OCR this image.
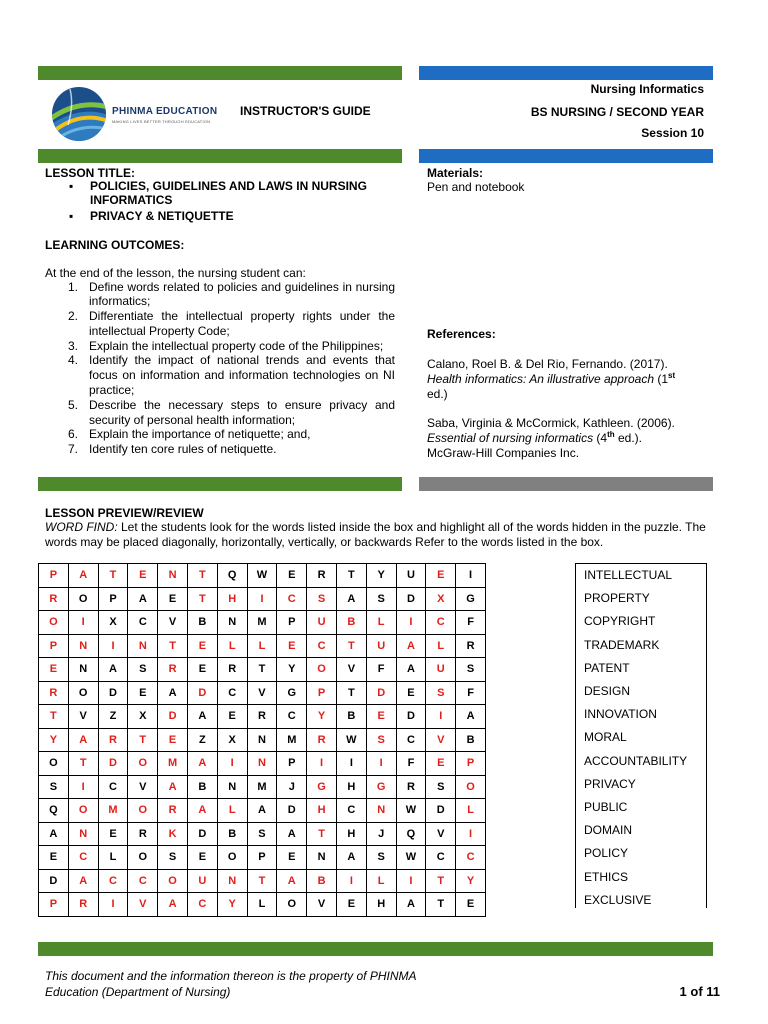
PHINMA EDUCATION
MAKING LIVES BETTER THROUGH EDUCATION
INSTRUCTOR'S GUIDE
Nursing Informatics
BS NURSING / SECOND YEAR
Session 10
LESSON TITLE:
▪ POLICIES, GUIDELINES AND LAWS IN NURSING INFORMATICS
▪ PRIVACY & NETIQUETTE
LEARNING OUTCOMES:
At the end of the lesson, the nursing student can:
1. Define words related to policies and guidelines in nursing informatics;
2. Differentiate the intellectual property rights under the intellectual Property Code;
3. Explain the intellectual property code of the Philippines;
4. Identify the impact of national trends and events that focus on information and information technologies on NI practice;
5. Describe the necessary steps to ensure privacy and security of personal health information;
6. Explain the importance of netiquette; and,
7. Identify ten core rules of netiquette.
Materials:
Pen and notebook
References:
Calano, Roel B. & Del Rio, Fernando. (2017).
Health informatics: An illustrative approach (1st
ed.)
Saba, Virginia & McCormick, Kathleen. (2006).
Essential of nursing informatics (4th ed.).
McGraw-Hill Companies Inc.
LESSON PREVIEW/REVIEW
WORD FIND: Let the students look for the words listed inside the box and highlight all of the words hidden in the puzzle. The words may be placed diagonally, horizontally, vertically, or backwards Refer to the words listed in the box.
P	A	T	E	N	T	Q	W	E	R	T	Y	U	E	I
R	O	P	A	E	T	H	I	C	S	A	S	D	X	G
O	I	X	C	V	B	N	M	P	U	B	L	I	C	F
P	N	I	N	T	E	L	L	E	C	T	U	A	L	R
E	N	A	S	R	E	R	T	Y	O	V	F	A	U	S
R	O	D	E	A	D	C	V	G	P	T	D	E	S	F
T	V	Z	X	D	A	E	R	C	Y	B	E	D	I	A
Y	A	R	T	E	Z	X	N	M	R	W	S	C	V	B
O	T	D	O	M	A	I	N	P	I	I	I	F	E	P
S	I	C	V	A	B	N	M	J	G	H	G	R	S	O
Q	O	M	O	R	A	L	A	D	H	C	N	W	D	L
A	N	E	R	K	D	B	S	A	T	H	J	Q	V	I
E	C	L	O	S	E	O	P	E	N	A	S	W	C	C
D	A	C	C	O	U	N	T	A	B	I	L	I	T	Y
P	R	I	V	A	C	Y	L	O	V	E	H	A	T	E
INTELLECTUAL
PROPERTY
COPYRIGHT
TRADEMARK
PATENT
DESIGN
INNOVATION
MORAL
ACCOUNTABILITY
PRIVACY
PUBLIC
DOMAIN
POLICY
ETHICS
EXCLUSIVE
This document and the information thereon is the property of PHINMA Education (Department of Nursing)	1 of 11
